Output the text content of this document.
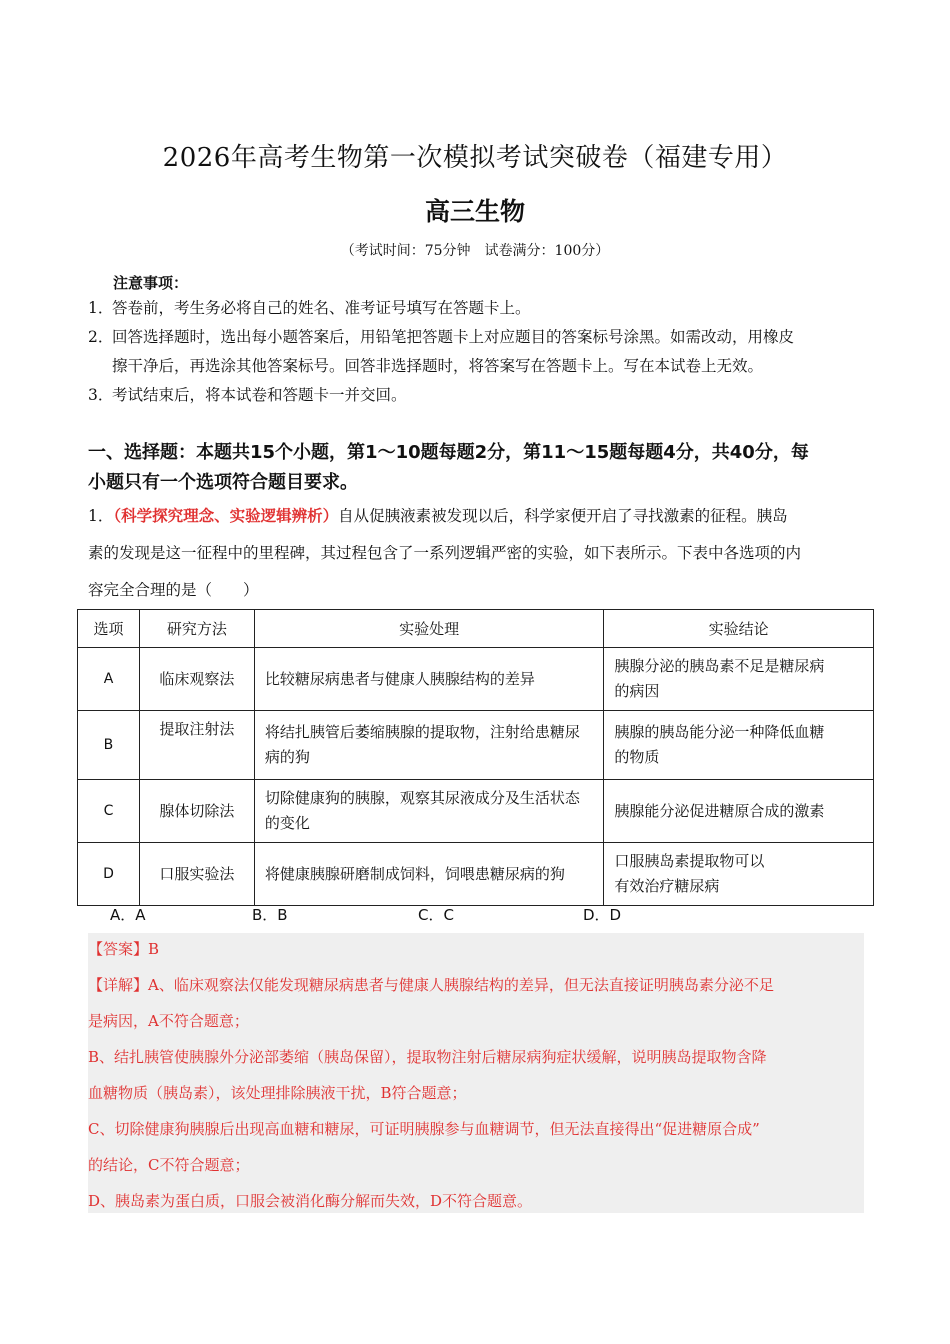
2026年高考生物第一次模拟考试突破卷（福建专用）
高三生物
（考试时间：75分钟　试卷满分：100分）
注意事项：
1．答卷前，考生务必将自己的姓名、准考证号填写在答题卡上。
2．回答选择题时，选出每小题答案后，用铅笔把答题卡上对应题目的答案标号涂黑。如需改动，用橡皮
擦干净后，再选涂其他答案标号。回答非选择题时，将答案写在答题卡上。写在本试卷上无效。
3．考试结束后，将本试卷和答题卡一并交回。
一、选择题：本题共15个小题，第1～10题每题2分，第11～15题每题4分，共40分，每
小题只有一个选项符合题目要求。
1．（科学探究理念、实验逻辑辨析）自从促胰液素被发现以后，科学家便开启了寻找激素的征程。胰岛
素的发现是这一征程中的里程碑，其过程包含了一系列逻辑严密的实验，如下表所示。下表中各选项的内
容完全合理的是（　　）
选项	研究方法	实验处理	实验结论
A	临床观察法	比较糖尿病患者与健康人胰腺结构的差异	胰腺分泌的胰岛素不足是糖尿病
的病因

B	提取注射法	将结扎胰管后萎缩胰腺的提取物，注射给患糖尿病的狗	胰腺的胰岛能分泌一种降低血糖
的物质

C	腺体切除法	切除健康狗的胰腺，观察其尿液成分及生活状态的变化	胰腺能分泌促进糖原合成的激素

D	口服实验法	将健康胰腺研磨制成饲料，饲喂患糖尿病的狗	口服胰岛素提取物可以
有效治疗糖尿病
A．A	B．B	C．C	D．D
【答案】B
【详解】A、临床观察法仅能发现糖尿病患者与健康人胰腺结构的差异，但无法直接证明胰岛素分泌不足
是病因，A不符合题意；
B、结扎胰管使胰腺外分泌部萎缩（胰岛保留），提取物注射后糖尿病狗症状缓解，说明胰岛提取物含降
血糖物质（胰岛素），该处理排除胰液干扰，B符合题意；
C、切除健康狗胰腺后出现高血糖和糖尿，可证明胰腺参与血糖调节，但无法直接得出“促进糖原合成”
的结论，C不符合题意；
D、胰岛素为蛋白质，口服会被消化酶分解而失效，D不符合题意。
